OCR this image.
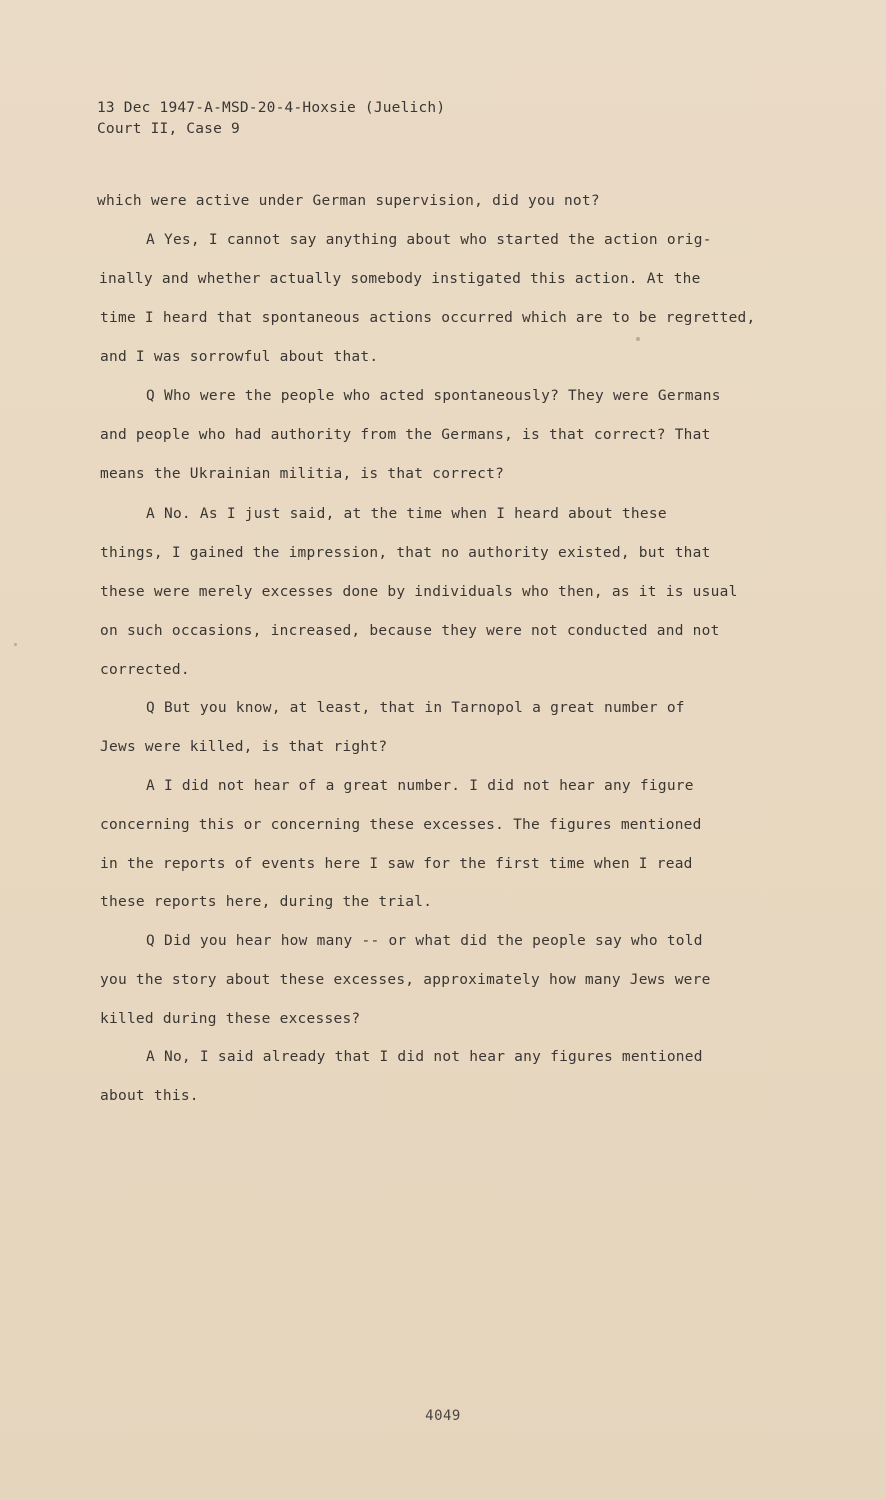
13 Dec 1947-A-MSD-20-4-Hoxsie (Juelich)
Court II, Case 9
which were active under German supervision, did you not?
A Yes, I cannot say anything about who started the action orig-
inally and whether actually somebody instigated this action. At the
time I heard that spontaneous actions occurred which are to be regretted,
and I was sorrowful about that.
Q Who were the people who acted spontaneously? They were Germans
and people who had authority from the Germans, is that correct? That
means the Ukrainian militia, is that correct?
A No. As I just said, at the time when I heard about these
things, I gained the impression, that no authority existed, but that
these were merely excesses done by individuals who then, as it is usual
on such occasions, increased, because they were not conducted and not
corrected.
Q But you know, at least, that in Tarnopol a great number of
Jews were killed, is that right?
A I did not hear of a great number. I did not hear any figure
concerning this or concerning these excesses. The figures mentioned
in the reports of events here I saw for the first time when I read
these reports here, during the trial.
Q Did you hear how many -- or what did the people say who told
you the story about these excesses, approximately how many Jews were
killed during these excesses?
A No, I said already that I did not hear any figures mentioned
about this.
4049
